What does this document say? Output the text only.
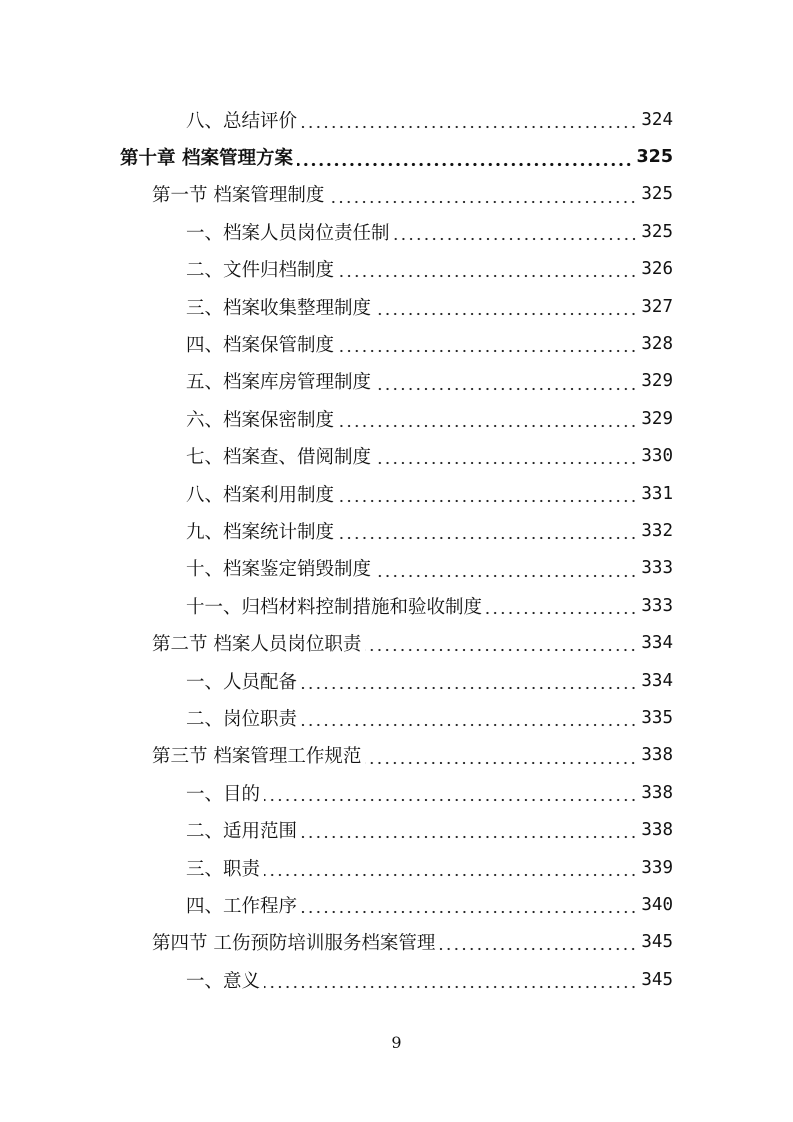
八、总结评价	324
第十章 档案管理方案	325
第一节 档案管理制度	325
一、档案人员岗位责任制	325
二、文件归档制度	326
三、档案收集整理制度	327
四、档案保管制度	328
五、档案库房管理制度	329
六、档案保密制度	329
七、档案查、借阅制度	330
八、档案利用制度	331
九、档案统计制度	332
十、档案鉴定销毁制度	333
十一、归档材料控制措施和验收制度	333
第二节 档案人员岗位职责	334
一、人员配备	334
二、岗位职责	335
第三节 档案管理工作规范	338
一、目的	338
二、适用范围	338
三、职责	339
四、工作程序	340
第四节 工伤预防培训服务档案管理	345
一、意义	345
9
